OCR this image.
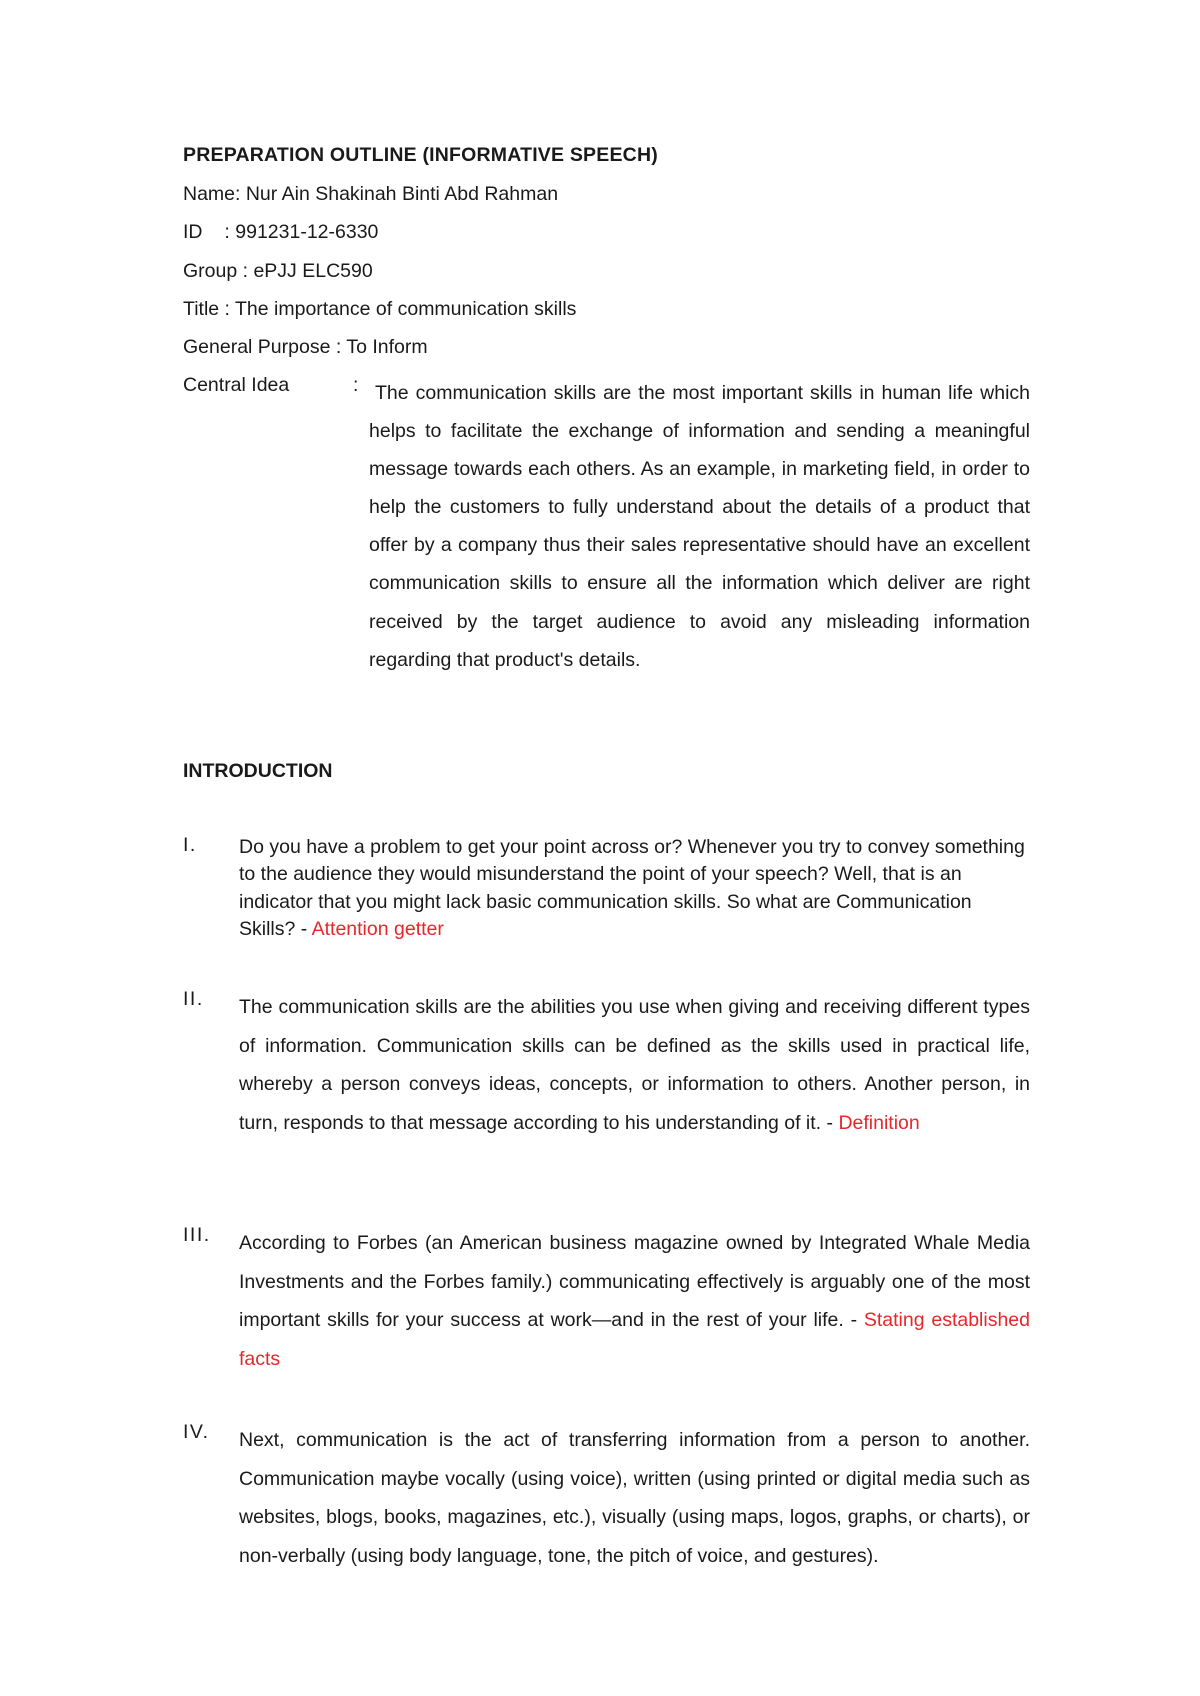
PREPARATION OUTLINE (INFORMATIVE SPEECH)
Name: Nur Ain Shakinah Binti Abd Rahman
ID : 991231-12-6330
Group : ePJJ ELC590
Title : The importance of communication skills
General Purpose : To Inform
Central Idea	: The communication skills are the most important skills in human life which helps to facilitate the exchange of information and sending a meaningful message towards each others. As an example, in marketing field, in order to help the customers to fully understand about the details of a product that offer by a company thus their sales representative should have an excellent communication skills to ensure all the information which deliver are right received by the target audience to avoid any misleading information regarding that product's details.
INTRODUCTION
I.	Do you have a problem to get your point across or? Whenever you try to convey something to the audience they would misunderstand the point of your speech? Well, that is an indicator that you might lack basic communication skills. So what are Communication Skills? - Attention getter
II.	The communication skills are the abilities you use when giving and receiving different types of information. Communication skills can be defined as the skills used in practical life, whereby a person conveys ideas, concepts, or information to others. Another person, in turn, responds to that message according to his understanding of it. - Definition
III.	According to Forbes (an American business magazine owned by Integrated Whale Media Investments and the Forbes family.) communicating effectively is arguably one of the most important skills for your success at work—and in the rest of your life. - Stating established facts
IV.	Next, communication is the act of transferring information from a person to another. Communication maybe vocally (using voice), written (using printed or digital media such as websites, blogs, books, magazines, etc.), visually (using maps, logos, graphs, or charts), or non-verbally (using body language, tone, the pitch of voice, and gestures).
